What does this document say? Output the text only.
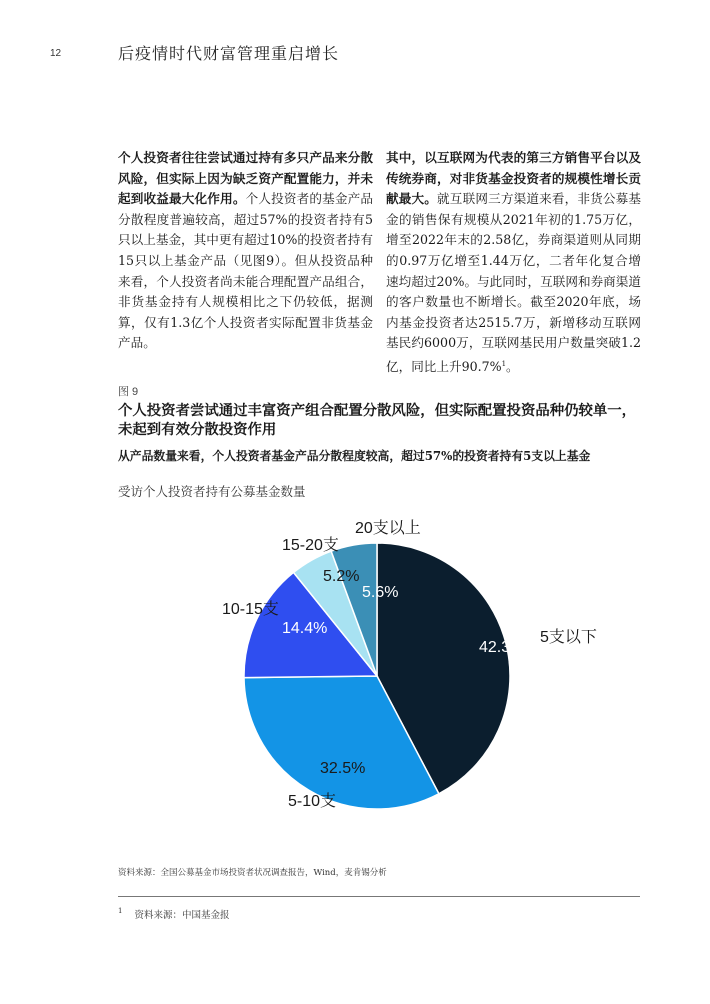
12	后疫情时代财富管理重启增长
个人投资者往往尝试通过持有多只产品来分散风险，但实际上因为缺乏资产配置能力，并未起到收益最大化作用。个人投资者的基金产品分散程度普遍较高，超过57%的投资者持有5只以上基金，其中更有超过10%的投资者持有15只以上基金产品（见图9）。但从投资品种来看，个人投资者尚未能合理配置产品组合，非货基金持有人规模相比之下仍较低，据测算，仅有1.3亿个人投资者实际配置非货基金产品。
其中，以互联网为代表的第三方销售平台以及传统券商，对非货基金投资者的规模性增长贡献最大。就互联网三方渠道来看，非货公募基金的销售保有规模从2021年初的1.75万亿，增至2022年末的2.58亿，券商渠道则从同期的0.97万亿增至1.44万亿，二者年化复合增速均超过20%。与此同时，互联网和券商渠道的客户数量也不断增长。截至2020年底，场内基金投资者达2515.7万，新增移动互联网基民约6000万，互联网基民用户数量突破1.2亿，同比上升90.7%$^1$。
图 9
个人投资者尝试通过丰富资产组合配置分散风险，但实际配置投资品种仍较单一，未起到有效分散投资作用
从产品数量来看，个人投资者基金产品分散程度较高，超过57%的投资者持有5支以上基金
受访个人投资者持有公募基金数量
42.3%
5支以下
32.5%
5-10支
14.4%
10-15支
5.2%
15-20支
5.6%
20支以上
资料来源：全国公募基金市场投资者状况调查报告，Wind，麦肯锡分析
$^1$ 资料来源：中国基金报
